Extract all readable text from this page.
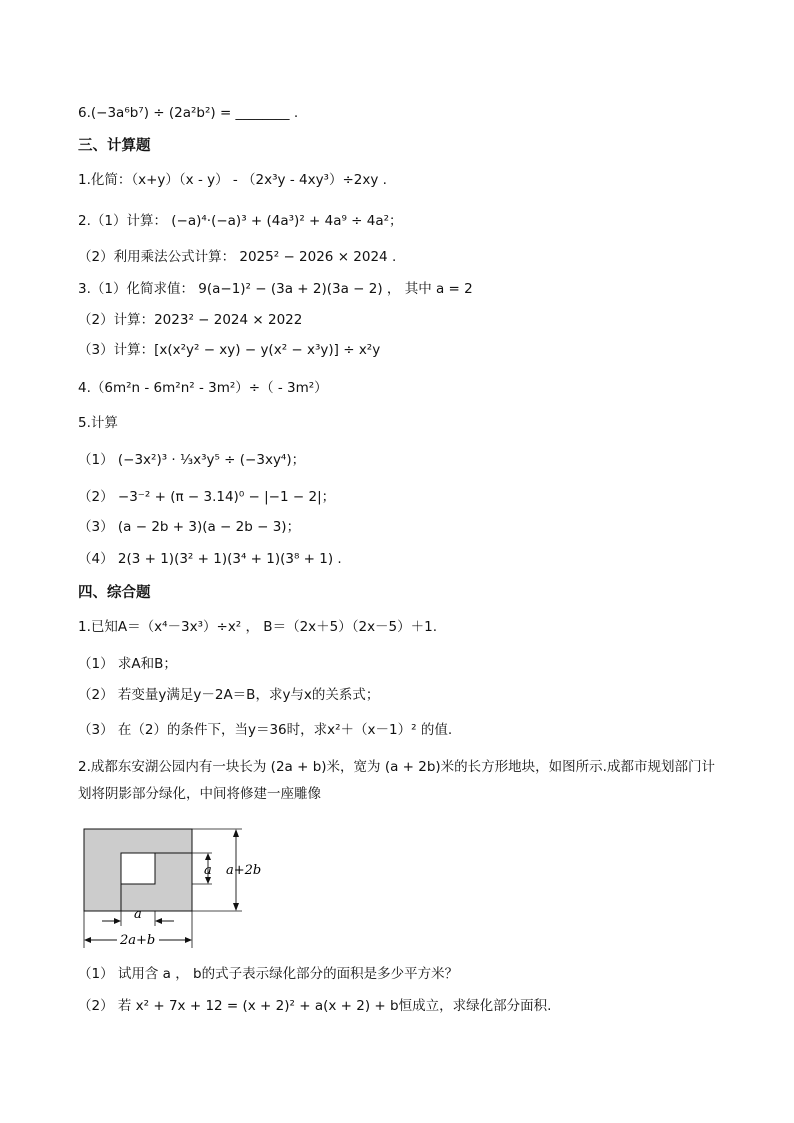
6.(−3a⁶b⁷) ÷ (2a²b²) = ________ .
三、计算题
1.化简：（x+y）（x - y） - （2x³y - 4xy³）÷2xy .
2.（1）计算： (−a)⁴·(−a)³ + (4a³)² + 4a⁹ ÷ 4a²；
（2）利用乘法公式计算： 2025² − 2026 × 2024 .
3.（1）化简求值： 9(a−1)² − (3a + 2)(3a − 2) ， 其中 a = 2
（2）计算：2023² − 2024 × 2022
（3）计算：[x(x²y² − xy) − y(x² − x³y)] ÷ x²y
4.（6m²n - 6m²n² - 3m²）÷（ - 3m²）
5.计算
（1） (−3x²)³ · ⅓x³y⁵ ÷ (−3xy⁴)；
（2） −3⁻² + (π − 3.14)⁰ − |−1 − 2|；
（3） (a − 2b + 3)(a − 2b − 3)；
（4） 2(3 + 1)(3² + 1)(3⁴ + 1)(3⁸ + 1) .
四、综合题
1.已知A＝（x⁴－3x³）÷x² ， B＝（2x＋5）（2x－5）＋1.
（1） 求A和B；
（2） 若变量y满足y－2A＝B，求y与x的关系式；
（3） 在（2）的条件下，当y＝36时，求x²＋（x－1）² 的值.
2.成都东安湖公园内有一块长为 (2a + b)米，宽为 (a + 2b)米的长方形地块，如图所示.成都市规划部门计划将阴影部分绿化，中间将修建一座雕像
a+2b
a
a
2a+b
（1） 试用含 a ， b的式子表示绿化部分的面积是多少平方米？
（2） 若 x² + 7x + 12 = (x + 2)² + a(x + 2) + b恒成立，求绿化部分面积.
